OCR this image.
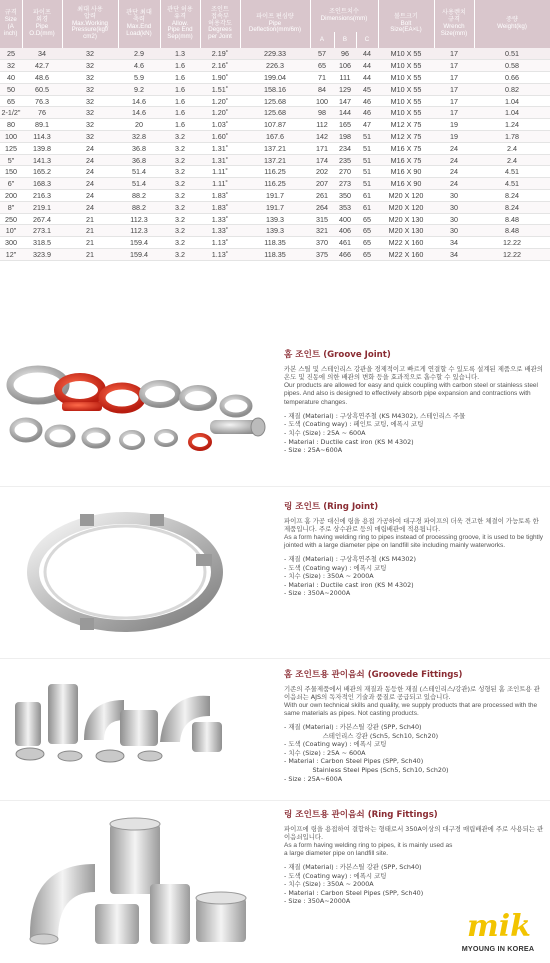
규격
Size
(A
inch)	파이프
외경
Pipe
O.D(mm)	최대 사용
압력
Max.Working
Pressure(kgf/
cm2)	관단 최대
축력
Max.End
Load(kN)	관단 허용
유격
Allow.
Pipe End
Sep(mm)	조인트
접속부
허용각도
Degrees
per Joint	파이프 편심량
Pipe
Deflection(mm/6m)	조인트치수
Dimensions(mm)			볼트크기
Bolt
Size(EA×L)	사용렌치
규격
Wrench
Size(mm)	중량
Weight(kg)
							A	B	C			
25	34	32	2.9	1.3	2.19˚	229.33	57	96	44	M10 X 55	17	0.51
32	42.7	32	4.6	1.6	2.16˚	226.3	65	106	44	M10 X 55	17	0.58
40	48.6	32	5.9	1.6	1.90˚	199.04	71	111	44	M10 X 55	17	0.66
50	60.5	32	9.2	1.6	1.51˚	158.16	84	129	45	M10 X 55	17	0.82
65	76.3	32	14.6	1.6	1.20˚	125.68	100	147	46	M10 X 55	17	1.04
2-1/2"	76	32	14.6	1.6	1.20˚	125.68	98	144	46	M10 X 55	17	1.04
80	89.1	32	20	1.6	1.03˚	107.87	112	165	47	M12 X 75	19	1.24
100	114.3	32	32.8	3.2	1.60˚	167.6	142	198	51	M12 X 75	19	1.78
125	139.8	24	36.8	3.2	1.31˚	137.21	171	234	51	M16 X 75	24	2.4
5"	141.3	24	36.8	3.2	1.31˚	137.21	174	235	51	M16 X 75	24	2.4
150	165.2	24	51.4	3.2	1.11˚	116.25	202	270	51	M16 X 90	24	4.51
6"	168.3	24	51.4	3.2	1.11˚	116.25	207	273	51	M16 X 90	24	4.51
200	216.3	24	88.2	3.2	1.83˚	191.7	261	350	61	M20 X 120	30	8.24
8"	219.1	24	88.2	3.2	1.83˚	191.7	264	353	61	M20 X 120	30	8.24
250	267.4	21	112.3	3.2	1.33˚	139.3	315	400	65	M20 X 130	30	8.48
10"	273.1	21	112.3	3.2	1.33˚	139.3	321	406	65	M20 X 130	30	8.48
300	318.5	21	159.4	3.2	1.13˚	118.35	370	461	65	M22 X 160	34	12.22
12"	323.9	21	159.4	3.2	1.13˚	118.35	375	466	65	M22 X 160	34	12.22
홈 조인트 (Groove Joint)
카본 스틸 및 스테인리스 강관을 경제적이고 빠르게 연결할 수 있도록 설계된 제품으로 배관의 온도 및 진동에 의한 배관의 변화 등을 효과적으로 흡수할 수 있습니다.
Our products are allowed for easy and quick coupling with carbon steel or stainless steel pipes. And also is designed to effectively absorb pipe expansion and contractions with temperature changes.
- 재질 (Material) : 구상흑연주철 (KS M4302), 스테인리스 주물
- 도색 (Coating way) : 페인트 코팅, 에폭시 코팅
- 치수 (Size) : 25A ~ 600A
- Material : Ductile cast iron (KS M 4302)
- Size : 25A~600A
링 조인트 (Ring Joint)
파이프 홈 가공 대신에 링을 용접 가공하여 대구경 파이프의 더욱 견고한 체결이 가능토록 한 제품입니다. 주로 상수관로 등의 매립배관에 적용됩니다.
As a form having welding ring to pipes instead of processing groove, it is used to be tightly jointed with a large diameter pipe on landfill site including mainly waterworks.
- 재질 (Material) : 구상흑연주철 (KS M4302)
- 도색 (Coating way) : 에폭시 코팅
- 치수 (Size) : 350A ~ 2000A
- Material : Ductile cast iron (KS M 4302)
- Size : 350A~2000A
홈 조인트용 관이음쇠 (Groovede Fittings)
기존의 주물제품에서 배관의 재질과 동등한 재질 (스테인리스/강관)로 성형된 홈 조인트용 관이음쇠는 AJS의 독자적인 기술과 품질로 공급되고 있습니다.
With our own technical skills and quality, we supply products that are processed with the same materials as pipes. Not casting products.
- 재질 (Material) : 카본스틸 강관 (SPP, Sch40)
스테인리스 강관 (Sch5, Sch10, Sch20)
- 도색 (Coating way) : 에폭시 코팅
- 치수 (Size) : 25A ~ 600A
- Material : Carbon Steel Pipes (SPP, Sch40)
Stainless Steel Pipes (Sch5, Sch10, Sch20)
- Size : 25A~600A
링 조인트용 관이음쇠 (Ring Fittings)
파이프에 링을 용접하여 결합하는 형태로서 350A이상의 대구경 매립배관에 주로 사용되는 관이음쇠입니다.
As a form having welding ring to pipes, it is mainly used as a large diameter pipe on landfill site.
- 재질 (Material) : 카본스틸 강관 (SPP, Sch40)
- 도색 (Coating way) : 에폭시 코팅
- 치수 (Size) : 350A ~ 2000A
- Material : Carbon Steel Pipes (SPP, Sch40)
- Size : 350A~2000A
mik
MYOUNG IN KOREA
